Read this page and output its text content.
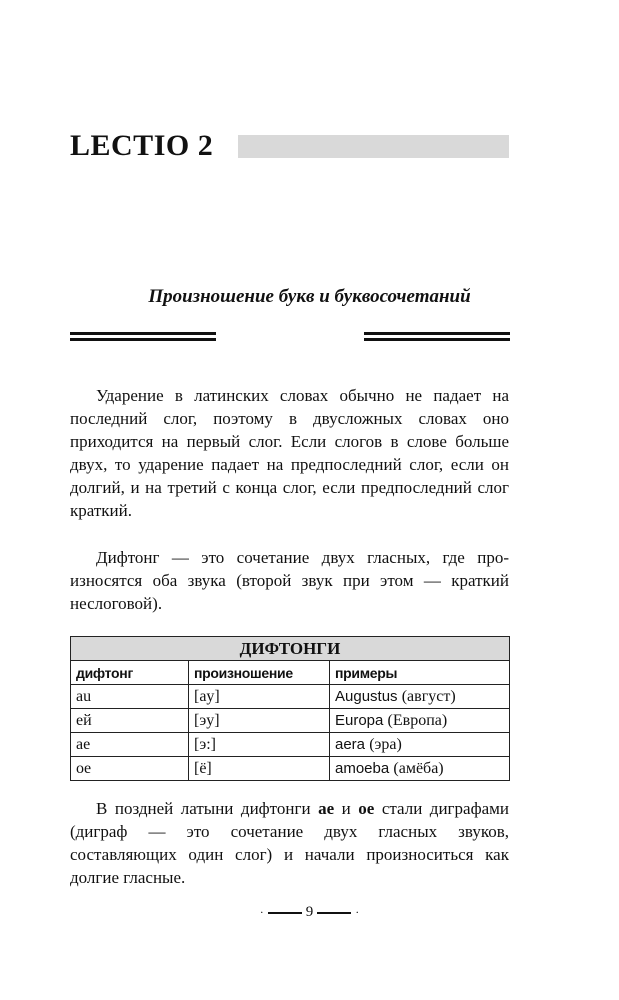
LECTIO 2
Произношение букв и буквосочетаний

Ударение в латинских словах обычно не падает на последний слог, поэтому в двусложных словах оно приходится на первый слог. Если слогов в слове больше двух, то ударение падает на предпоследний слог, если он долгий, и на третий с конца слог, если предпоследний слог краткий.

Дифтонг — это сочетание двух гласных, где произносятся оба звука (второй звук при этом — краткий неслоговой).

ДИФТОНГИ		
дифтонг	произношение	примеры
au	[ay]	Augustus (август)
eй	[эу]	Europa (Европа)
ae	[э:]	aera (эра)
oe	[ё]	amoeba (амёба)

В поздней латыни дифтонги ae и oe стали диграфами (диграф — это сочетание двух гласных звуков, составляющих один слог) и начали произноситься как долгие гласные.

·	9	·
